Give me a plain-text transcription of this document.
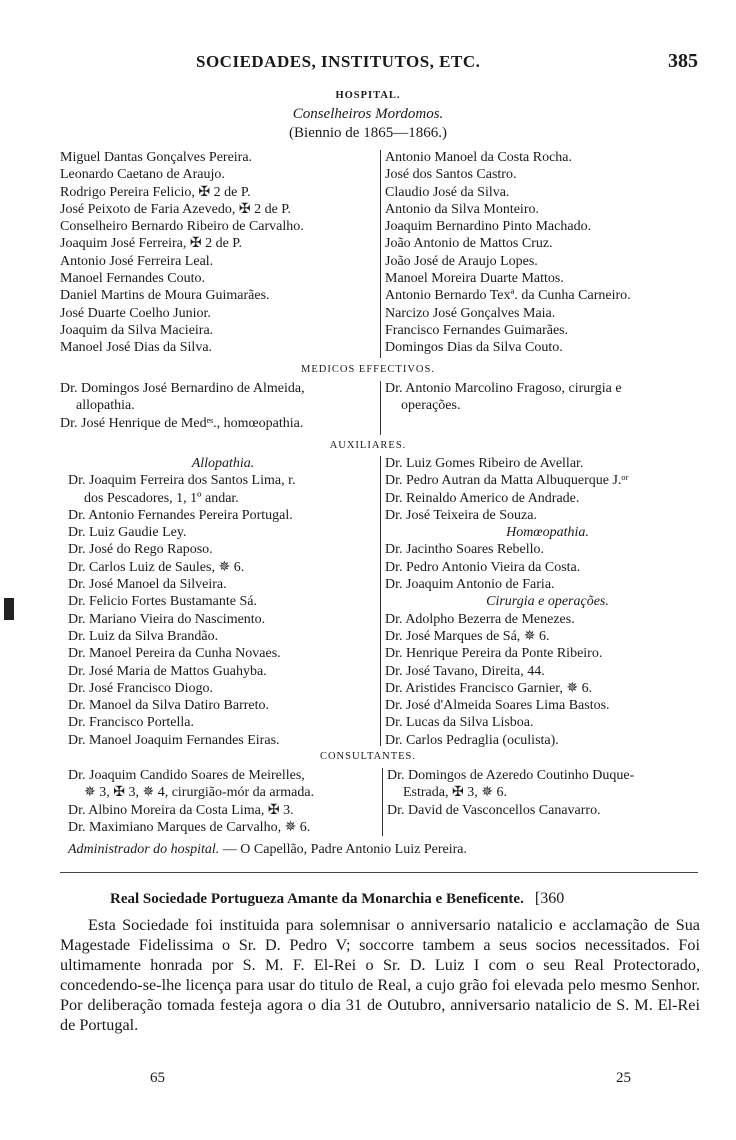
SOCIEDADES, INSTITUTOS, ETC.	385
HOSPITAL.
Conselheiros Mordomos.
(Biennio de 1865—1866.)
Miguel Dantas Gonçalves Pereira.
Leonardo Caetano de Araujo.
Rodrigo Pereira Felicio, ✠ 2 de P.
José Peixoto de Faria Azevedo, ✠ 2 de P.
Conselheiro Bernardo Ribeiro de Carvalho.
Joaquim José Ferreira, ✠ 2 de P.
Antonio José Ferreira Leal.
Manoel Fernandes Couto.
Daniel Martins de Moura Guimarães.
José Duarte Coelho Junior.
Joaquim da Silva Macieira.
Manoel José Dias da Silva.
Antonio Manoel da Costa Rocha.
José dos Santos Castro.
Claudio José da Silva.
Antonio da Silva Monteiro.
Joaquim Bernardino Pinto Machado.
João Antonio de Mattos Cruz.
João José de Araujo Lopes.
Manoel Moreira Duarte Mattos.
Antonio Bernardo Texª. da Cunha Carneiro.
Narcizo José Gonçalves Maia.
Francisco Fernandes Guimarães.
Domingos Dias da Silva Couto.
MEDICOS EFFECTIVOS.
Dr. Domingos José Bernardino de Almeida,
allopathia.
Dr. José Henrique de Medᵉˢ., homœopathia.
Dr. Antonio Marcolino Fragoso, cirurgia e
operações.
AUXILIARES.
Allopathia.
Dr. Joaquim Ferreira dos Santos Lima, r.
dos Pescadores, 1, 1º andar.
Dr. Antonio Fernandes Pereira Portugal.
Dr. Luiz Gaudie Ley.
Dr. José do Rego Raposo.
Dr. Carlos Luiz de Saules, ✵ 6.
Dr. José Manoel da Silveira.
Dr. Felicio Fortes Bustamante Sá.
Dr. Mariano Vieira do Nascimento.
Dr. Luiz da Silva Brandão.
Dr. Manoel Pereira da Cunha Novaes.
Dr. José Maria de Mattos Guahyba.
Dr. José Francisco Diogo.
Dr. Manoel da Silva Datiro Barreto.
Dr. Francisco Portella.
Dr. Manoel Joaquim Fernandes Eiras.
Dr. Luiz Gomes Ribeiro de Avellar.
Dr. Pedro Autran da Matta Albuquerque J.ᵒʳ
Dr. Reinaldo Americo de Andrade.
Dr. José Teixeira de Souza.
Homœopathia.
Dr. Jacintho Soares Rebello.
Dr. Pedro Antonio Vieira da Costa.
Dr. Joaquim Antonio de Faria.
Cirurgia e operações.
Dr. Adolpho Bezerra de Menezes.
Dr. José Marques de Sá, ✵ 6.
Dr. Henrique Pereira da Ponte Ribeiro.
Dr. José Tavano, Direita, 44.
Dr. Aristides Francisco Garnier, ✵ 6.
Dr. José d'Almeida Soares Lima Bastos.
Dr. Lucas da Silva Lisboa.
Dr. Carlos Pedraglia (oculista).
CONSULTANTES.
Dr. Joaquim Candido Soares de Meirelles,
✵ 3, ✠ 3, ✵ 4, cirurgião-mór da armada.
Dr. Albino Moreira da Costa Lima, ✠ 3.
Dr. Maximiano Marques de Carvalho, ✵ 6.
Dr. Domingos de Azeredo Coutinho Duque-
Estrada, ✠ 3, ✵ 6.
Dr. David de Vasconcellos Canavarro.
Administrador do hospital. — O Capellão, Padre Antonio Luiz Pereira.
Real Sociedade Portugueza Amante da Monarchia e Beneficente. [360
Esta Sociedade foi instituida para solemnisar o anniversario natalicio e acclamação de Sua Magestade Fidelissima o Sr. D. Pedro V; soccorre tambem a seus socios necessitados. Foi ultimamente honrada por S. M. F. El-Rei o Sr. D. Luiz I com o seu Real Protectorado, concedendo-se-lhe licença para usar do titulo de Real, a cujo grão foi elevada pelo mesmo Senhor. Por deliberação tomada festeja agora o dia 31 de Outubro, anniversario natalicio de S. M. El-Rei de Portugal.
65	25
